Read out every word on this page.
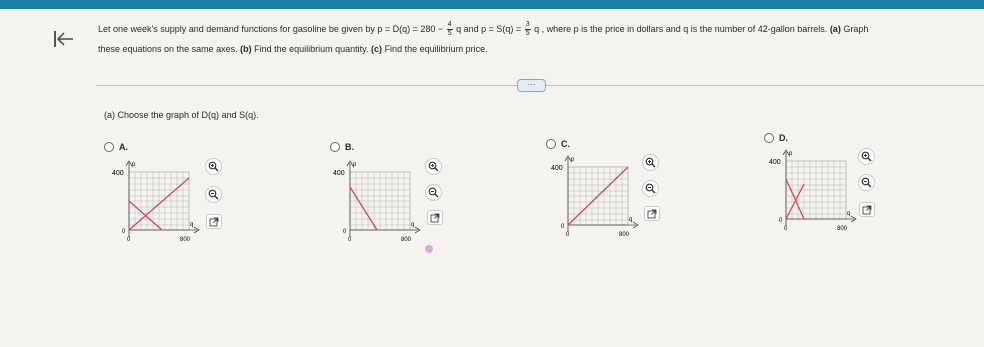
Let one week's supply and demand functions for gasoline be given by $p = D(q) = 280 - \frac{4}{5}$ q and $p = S(q) = \frac{3}{5}$ q , where p is the price in dollars and q is the number of 42-gallon barrels. (a) Graph
these equations on the same axes. (b) Find the equilibrium quantity. (c) Find the equilibrium price.
⋯
(a) Choose the graph of D(q) and S(q).
A.
400
p
q
0
0	800
B.
400
p
q
0
0	800
C.
400
p
q
0
0	800
D.
400
p
q
0
0	800
